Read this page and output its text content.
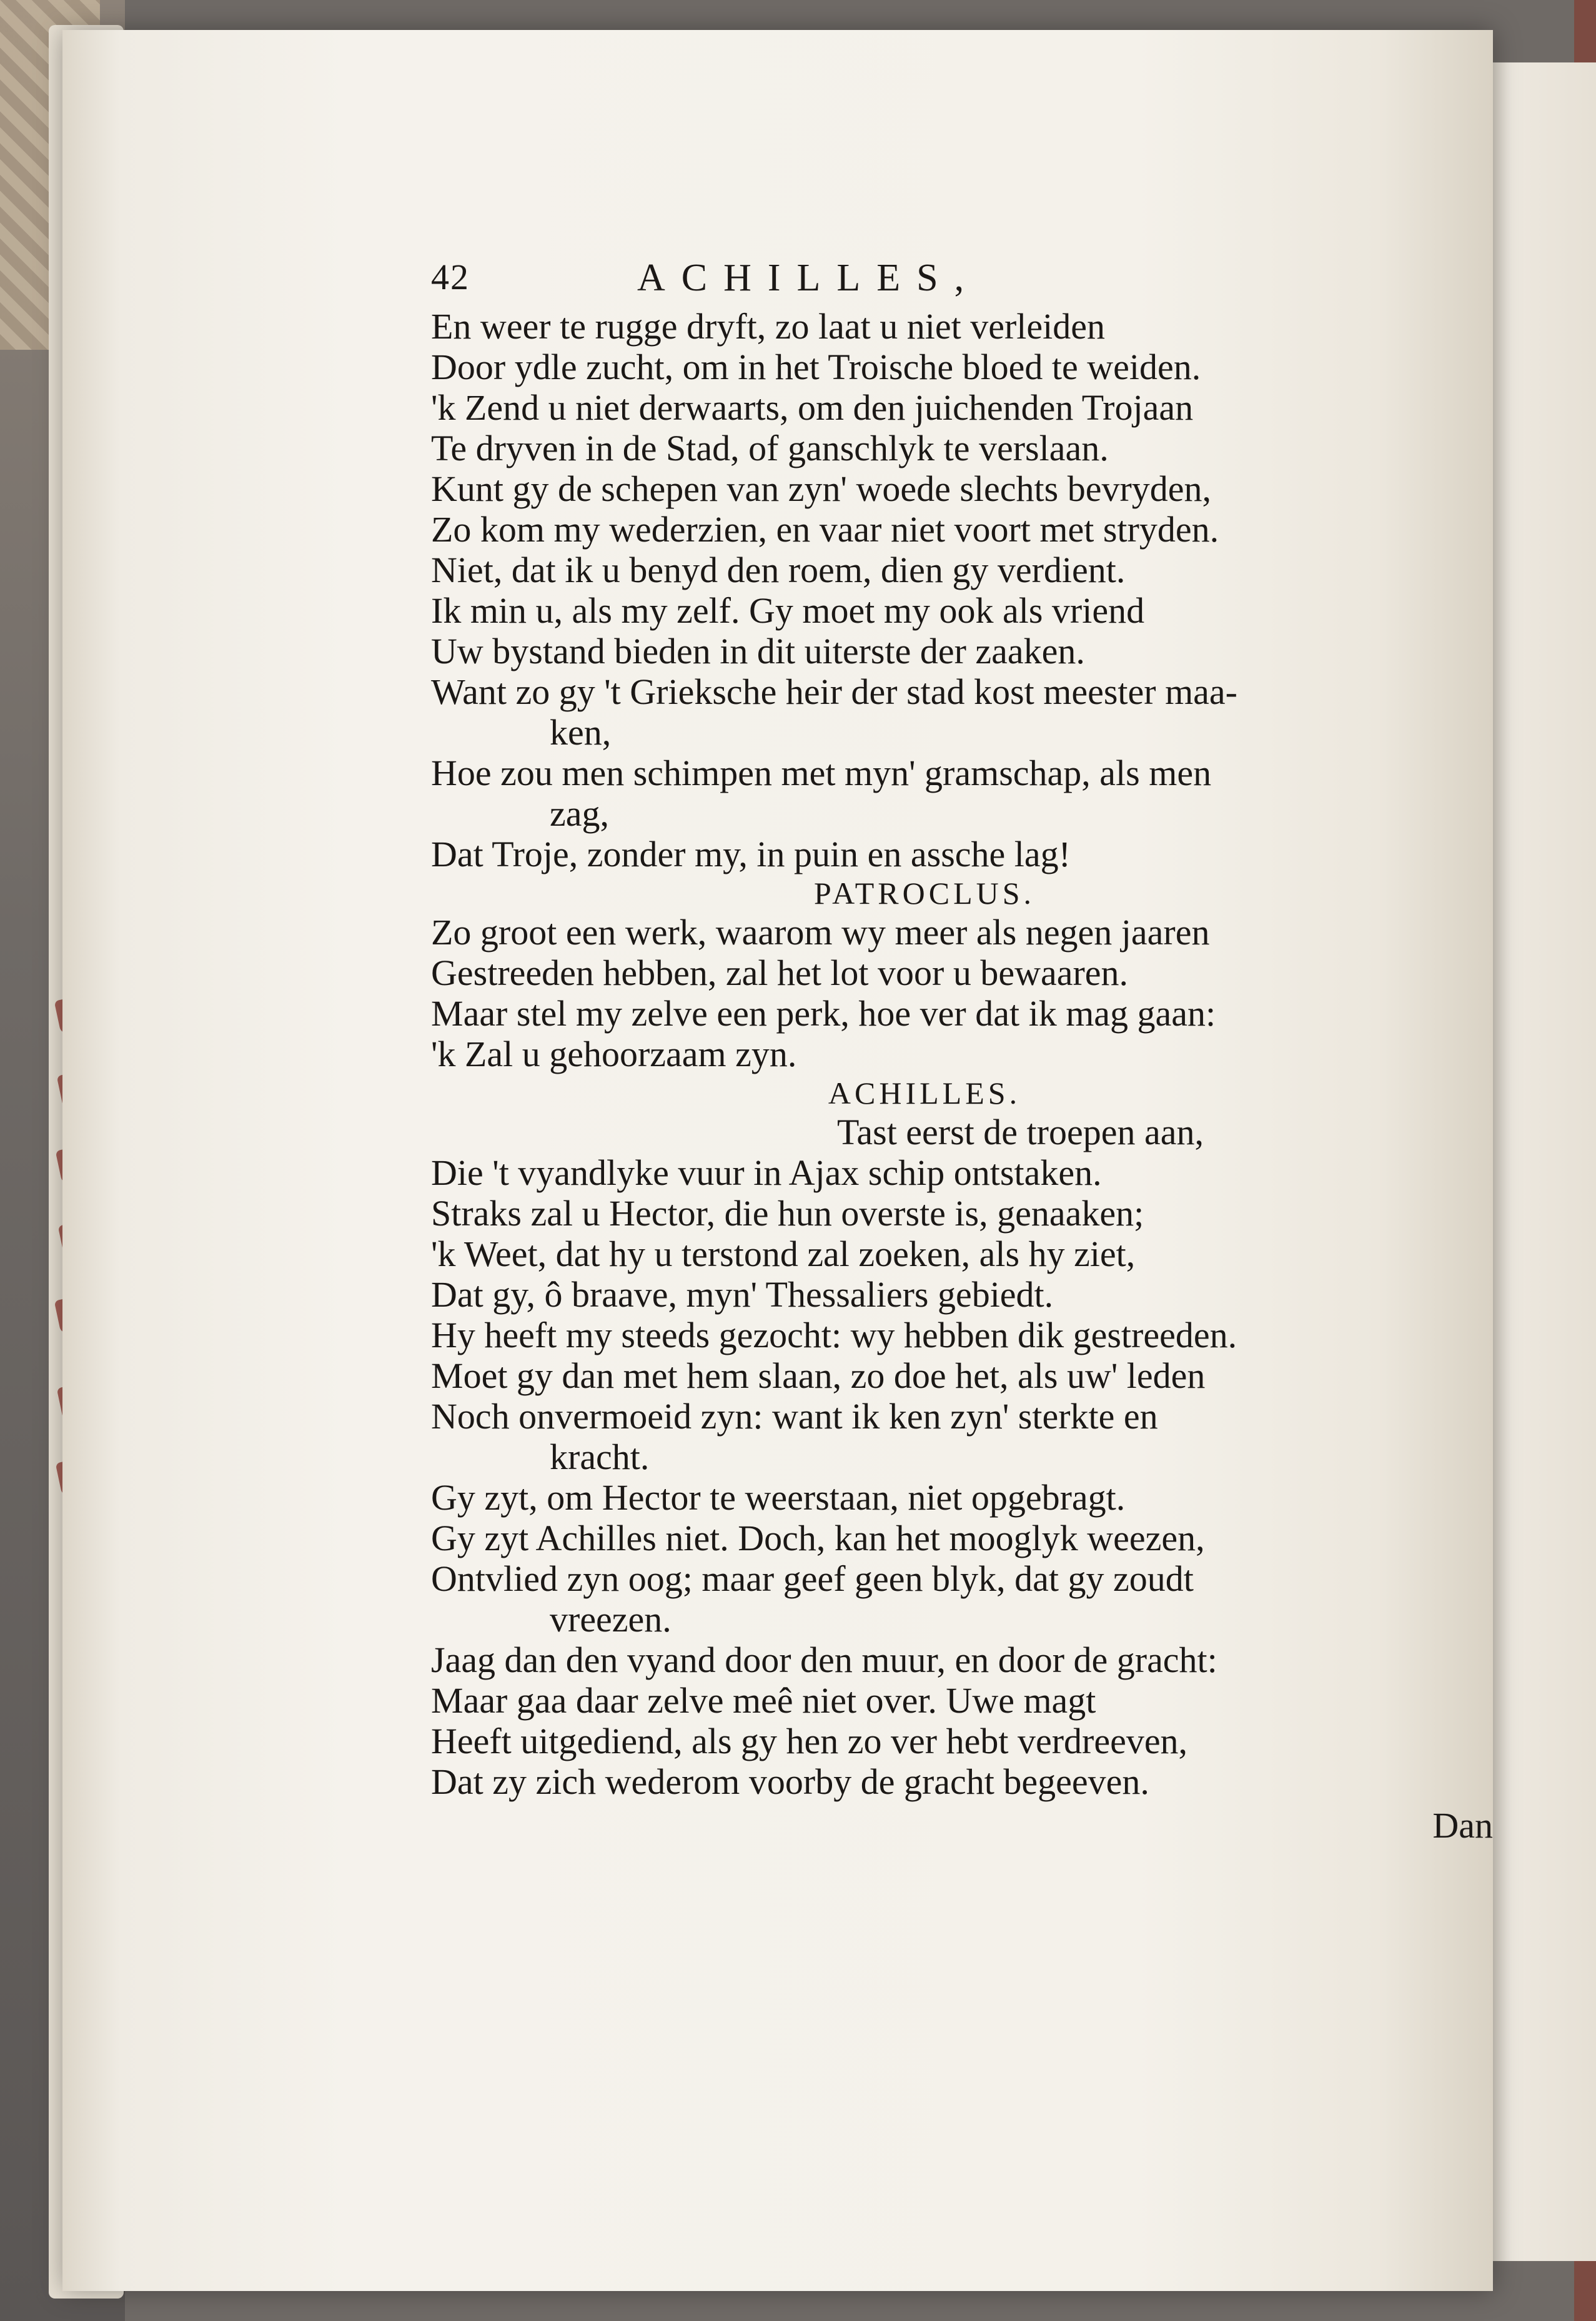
42	ACHILLES,
En weer te rugge dryft, zo laat u niet verleiden
Door ydle zucht, om in het Troische bloed te weiden.
'k Zend u niet derwaarts, om den juichenden Trojaan
Te dryven in de Stad, of ganschlyk te verslaan.
Kunt gy de schepen van zyn' woede slechts bevryden,
Zo kom my wederzien, en vaar niet voort met stryden.
Niet, dat ik u benyd den roem, dien gy verdient.
Ik min u, als my zelf. Gy moet my ook als vriend
Uw bystand bieden in dit uiterste der zaaken.
Want zo gy 't Grieksche heir der stad kost meester maa-
ken,
Hoe zou men schimpen met myn' gramschap, als men
zag,
Dat Troje, zonder my, in puin en assche lag!
PATROCLUS.
Zo groot een werk, waarom wy meer als negen jaaren
Gestreeden hebben, zal het lot voor u bewaaren.
Maar stel my zelve een perk, hoe ver dat ik mag gaan:
'k Zal u gehoorzaam zyn.
ACHILLES.
Tast eerst de troepen aan,
Die 't vyandlyke vuur in Ajax schip ontstaken.
Straks zal u Hector, die hun overste is, genaaken;
'k Weet, dat hy u terstond zal zoeken, als hy ziet,
Dat gy, ô braave, myn' Thessaliers gebiedt.
Hy heeft my steeds gezocht: wy hebben dik gestreeden.
Moet gy dan met hem slaan, zo doe het, als uw' leden
Noch onvermoeid zyn: want ik ken zyn' sterkte en
kracht.
Gy zyt, om Hector te weerstaan, niet opgebragt.
Gy zyt Achilles niet. Doch, kan het mooglyk weezen,
Ontvlied zyn oog; maar geef geen blyk, dat gy zoudt
vreezen.
Jaag dan den vyand door den muur, en door de gracht:
Maar gaa daar zelve meê niet over. Uwe magt
Heeft uitgediend, als gy hen zo ver hebt verdreeven,
Dat zy zich wederom voorby de gracht begeeven.
Dan
